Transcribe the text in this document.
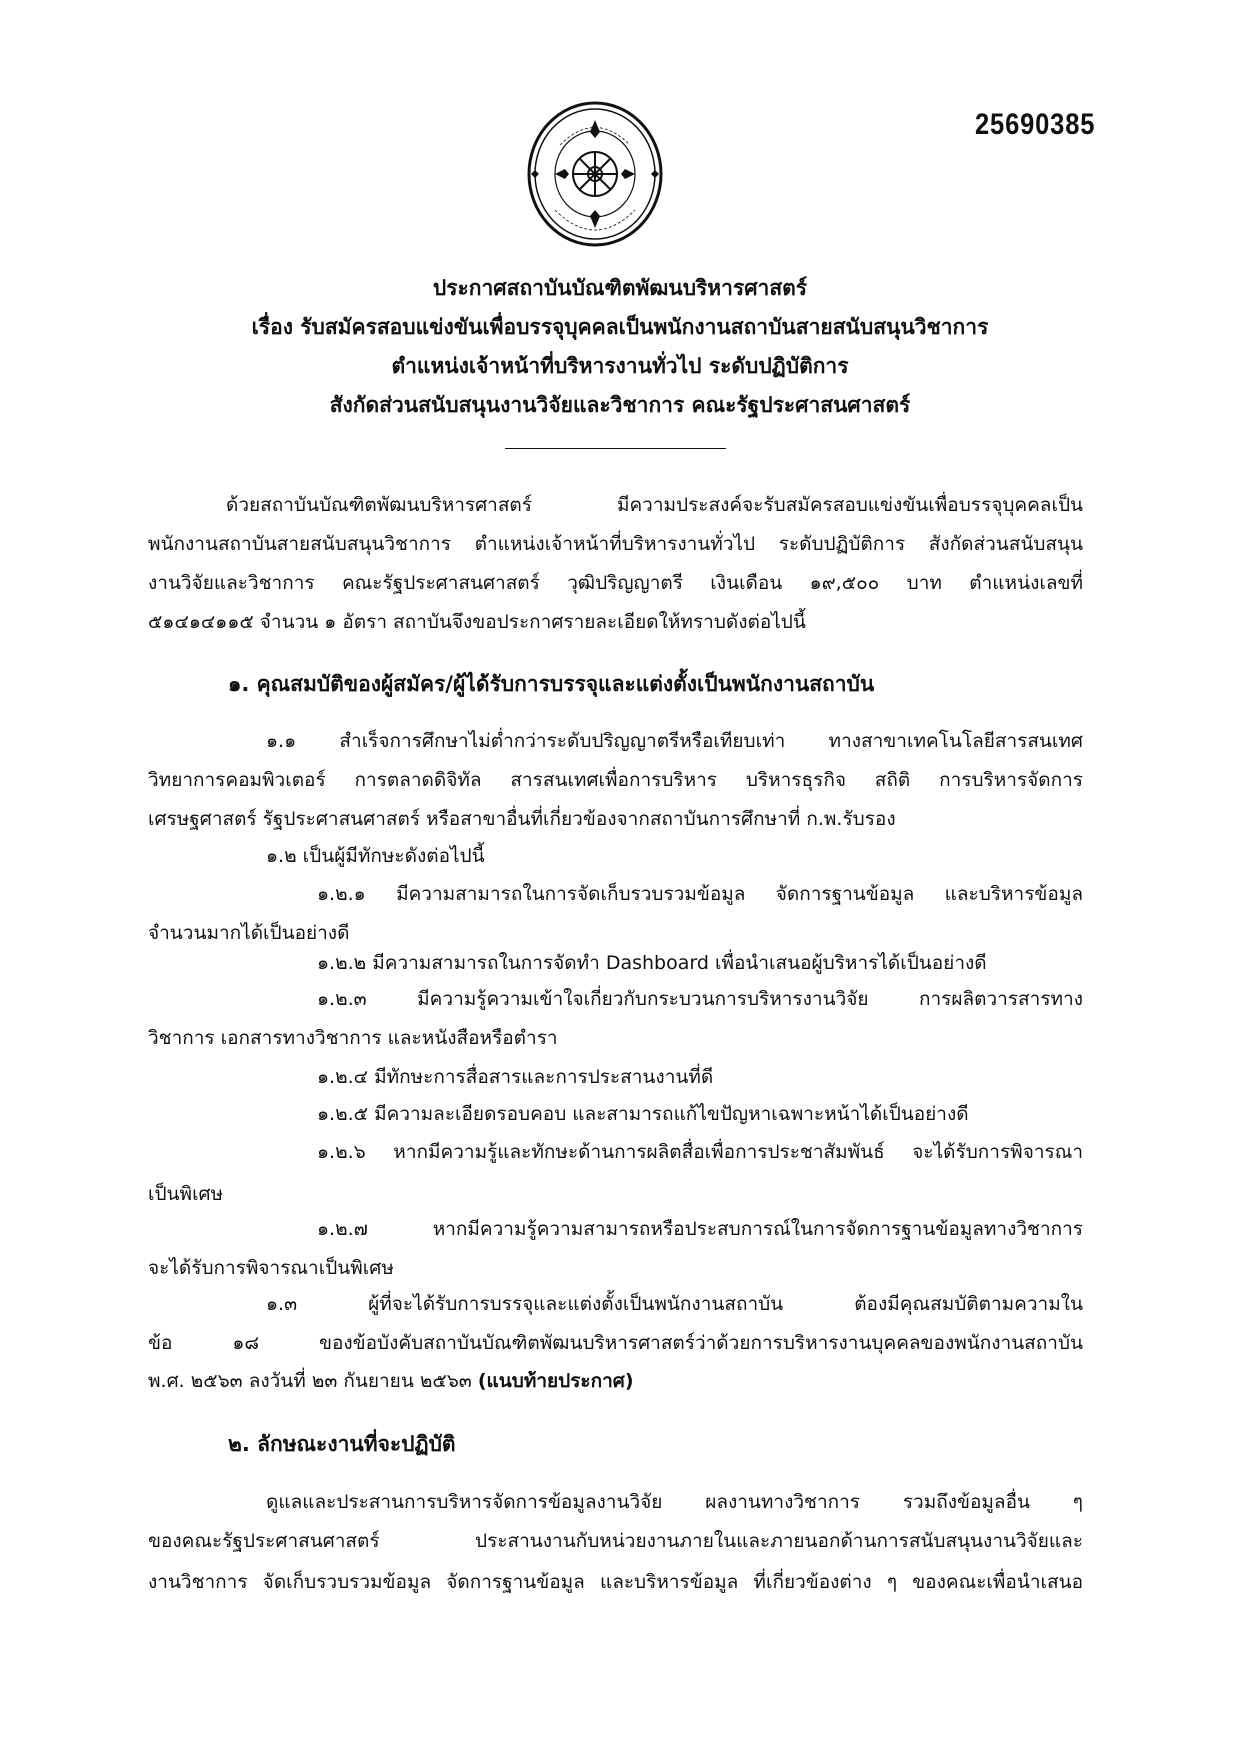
25690385
ประกาศสถาบันบัณฑิตพัฒนบริหารศาสตร์
เรื่อง รับสมัครสอบแข่งขันเพื่อบรรจุบุคคลเป็นพนักงานสถาบันสายสนับสนุนวิชาการ
ตำแหน่งเจ้าหน้าที่บริหารงานทั่วไป ระดับปฏิบัติการ
สังกัดส่วนสนับสนุนงานวิจัยและวิชาการ คณะรัฐประศาสนศาสตร์
ด้วยสถาบันบัณฑิตพัฒนบริหารศาสตร์ มีความประสงค์จะรับสมัครสอบแข่งขันเพื่อบรรจุบุคคลเป็น
พนักงานสถาบันสายสนับสนุนวิชาการ ตำแหน่งเจ้าหน้าที่บริหารงานทั่วไป ระดับปฏิบัติการ สังกัดส่วนสนับสนุน
งานวิจัยและวิชาการ คณะรัฐประศาสนศาสตร์ วุฒิปริญญาตรี เงินเดือน ๑๙,๕๐๐ บาท ตำแหน่งเลขที่
๕๑๔๑๔๑๑๕ จำนวน ๑ อัตรา สถาบันจึงขอประกาศรายละเอียดให้ทราบดังต่อไปนี้
๑. คุณสมบัติของผู้สมัคร/ผู้ได้รับการบรรจุและแต่งตั้งเป็นพนักงานสถาบัน
๑.๑ สำเร็จการศึกษาไม่ต่ำกว่าระดับปริญญาตรีหรือเทียบเท่า ทางสาขาเทคโนโลยีสารสนเทศ
วิทยาการคอมพิวเตอร์ การตลาดดิจิทัล สารสนเทศเพื่อการบริหาร บริหารธุรกิจ สถิติ การบริหารจัดการ
เศรษฐศาสตร์ รัฐประศาสนศาสตร์ หรือสาขาอื่นที่เกี่ยวข้องจากสถาบันการศึกษาที่ ก.พ.รับรอง
๑.๒ เป็นผู้มีทักษะดังต่อไปนี้
๑.๒.๑ มีความสามารถในการจัดเก็บรวบรวมข้อมูล จัดการฐานข้อมูล และบริหารข้อมูล
จำนวนมากได้เป็นอย่างดี
๑.๒.๒ มีความสามารถในการจัดทำ Dashboard เพื่อนำเสนอผู้บริหารได้เป็นอย่างดี
๑.๒.๓ มีความรู้ความเข้าใจเกี่ยวกับกระบวนการบริหารงานวิจัย การผลิตวารสารทาง
วิชาการ เอกสารทางวิชาการ และหนังสือหรือตำรา
๑.๒.๔ มีทักษะการสื่อสารและการประสานงานที่ดี
๑.๒.๕ มีความละเอียดรอบคอบ และสามารถแก้ไขปัญหาเฉพาะหน้าได้เป็นอย่างดี
๑.๒.๖ หากมีความรู้และทักษะด้านการผลิตสื่อเพื่อการประชาสัมพันธ์ จะได้รับการพิจารณา
เป็นพิเศษ
๑.๒.๗ หากมีความรู้ความสามารถหรือประสบการณ์ในการจัดการฐานข้อมูลทางวิชาการ
จะได้รับการพิจารณาเป็นพิเศษ
๑.๓ ผู้ที่จะได้รับการบรรจุและแต่งตั้งเป็นพนักงานสถาบัน ต้องมีคุณสมบัติตามความใน
ข้อ ๑๘ ของข้อบังคับสถาบันบัณฑิตพัฒนบริหารศาสตร์ว่าด้วยการบริหารงานบุคคลของพนักงานสถาบัน
พ.ศ. ๒๕๖๓ ลงวันที่ ๒๓ กันยายน ๒๕๖๓ (แนบท้ายประกาศ)
๒. ลักษณะงานที่จะปฏิบัติ
ดูแลและประสานการบริหารจัดการข้อมูลงานวิจัย ผลงานทางวิชาการ รวมถึงข้อมูลอื่น ๆ
ของคณะรัฐประศาสนศาสตร์ ประสานงานกับหน่วยงานภายในและภายนอกด้านการสนับสนุนงานวิจัยและ
งานวิชาการ จัดเก็บรวบรวมข้อมูล จัดการฐานข้อมูล และบริหารข้อมูล ที่เกี่ยวข้องต่าง ๆ ของคณะเพื่อนำเสนอ
